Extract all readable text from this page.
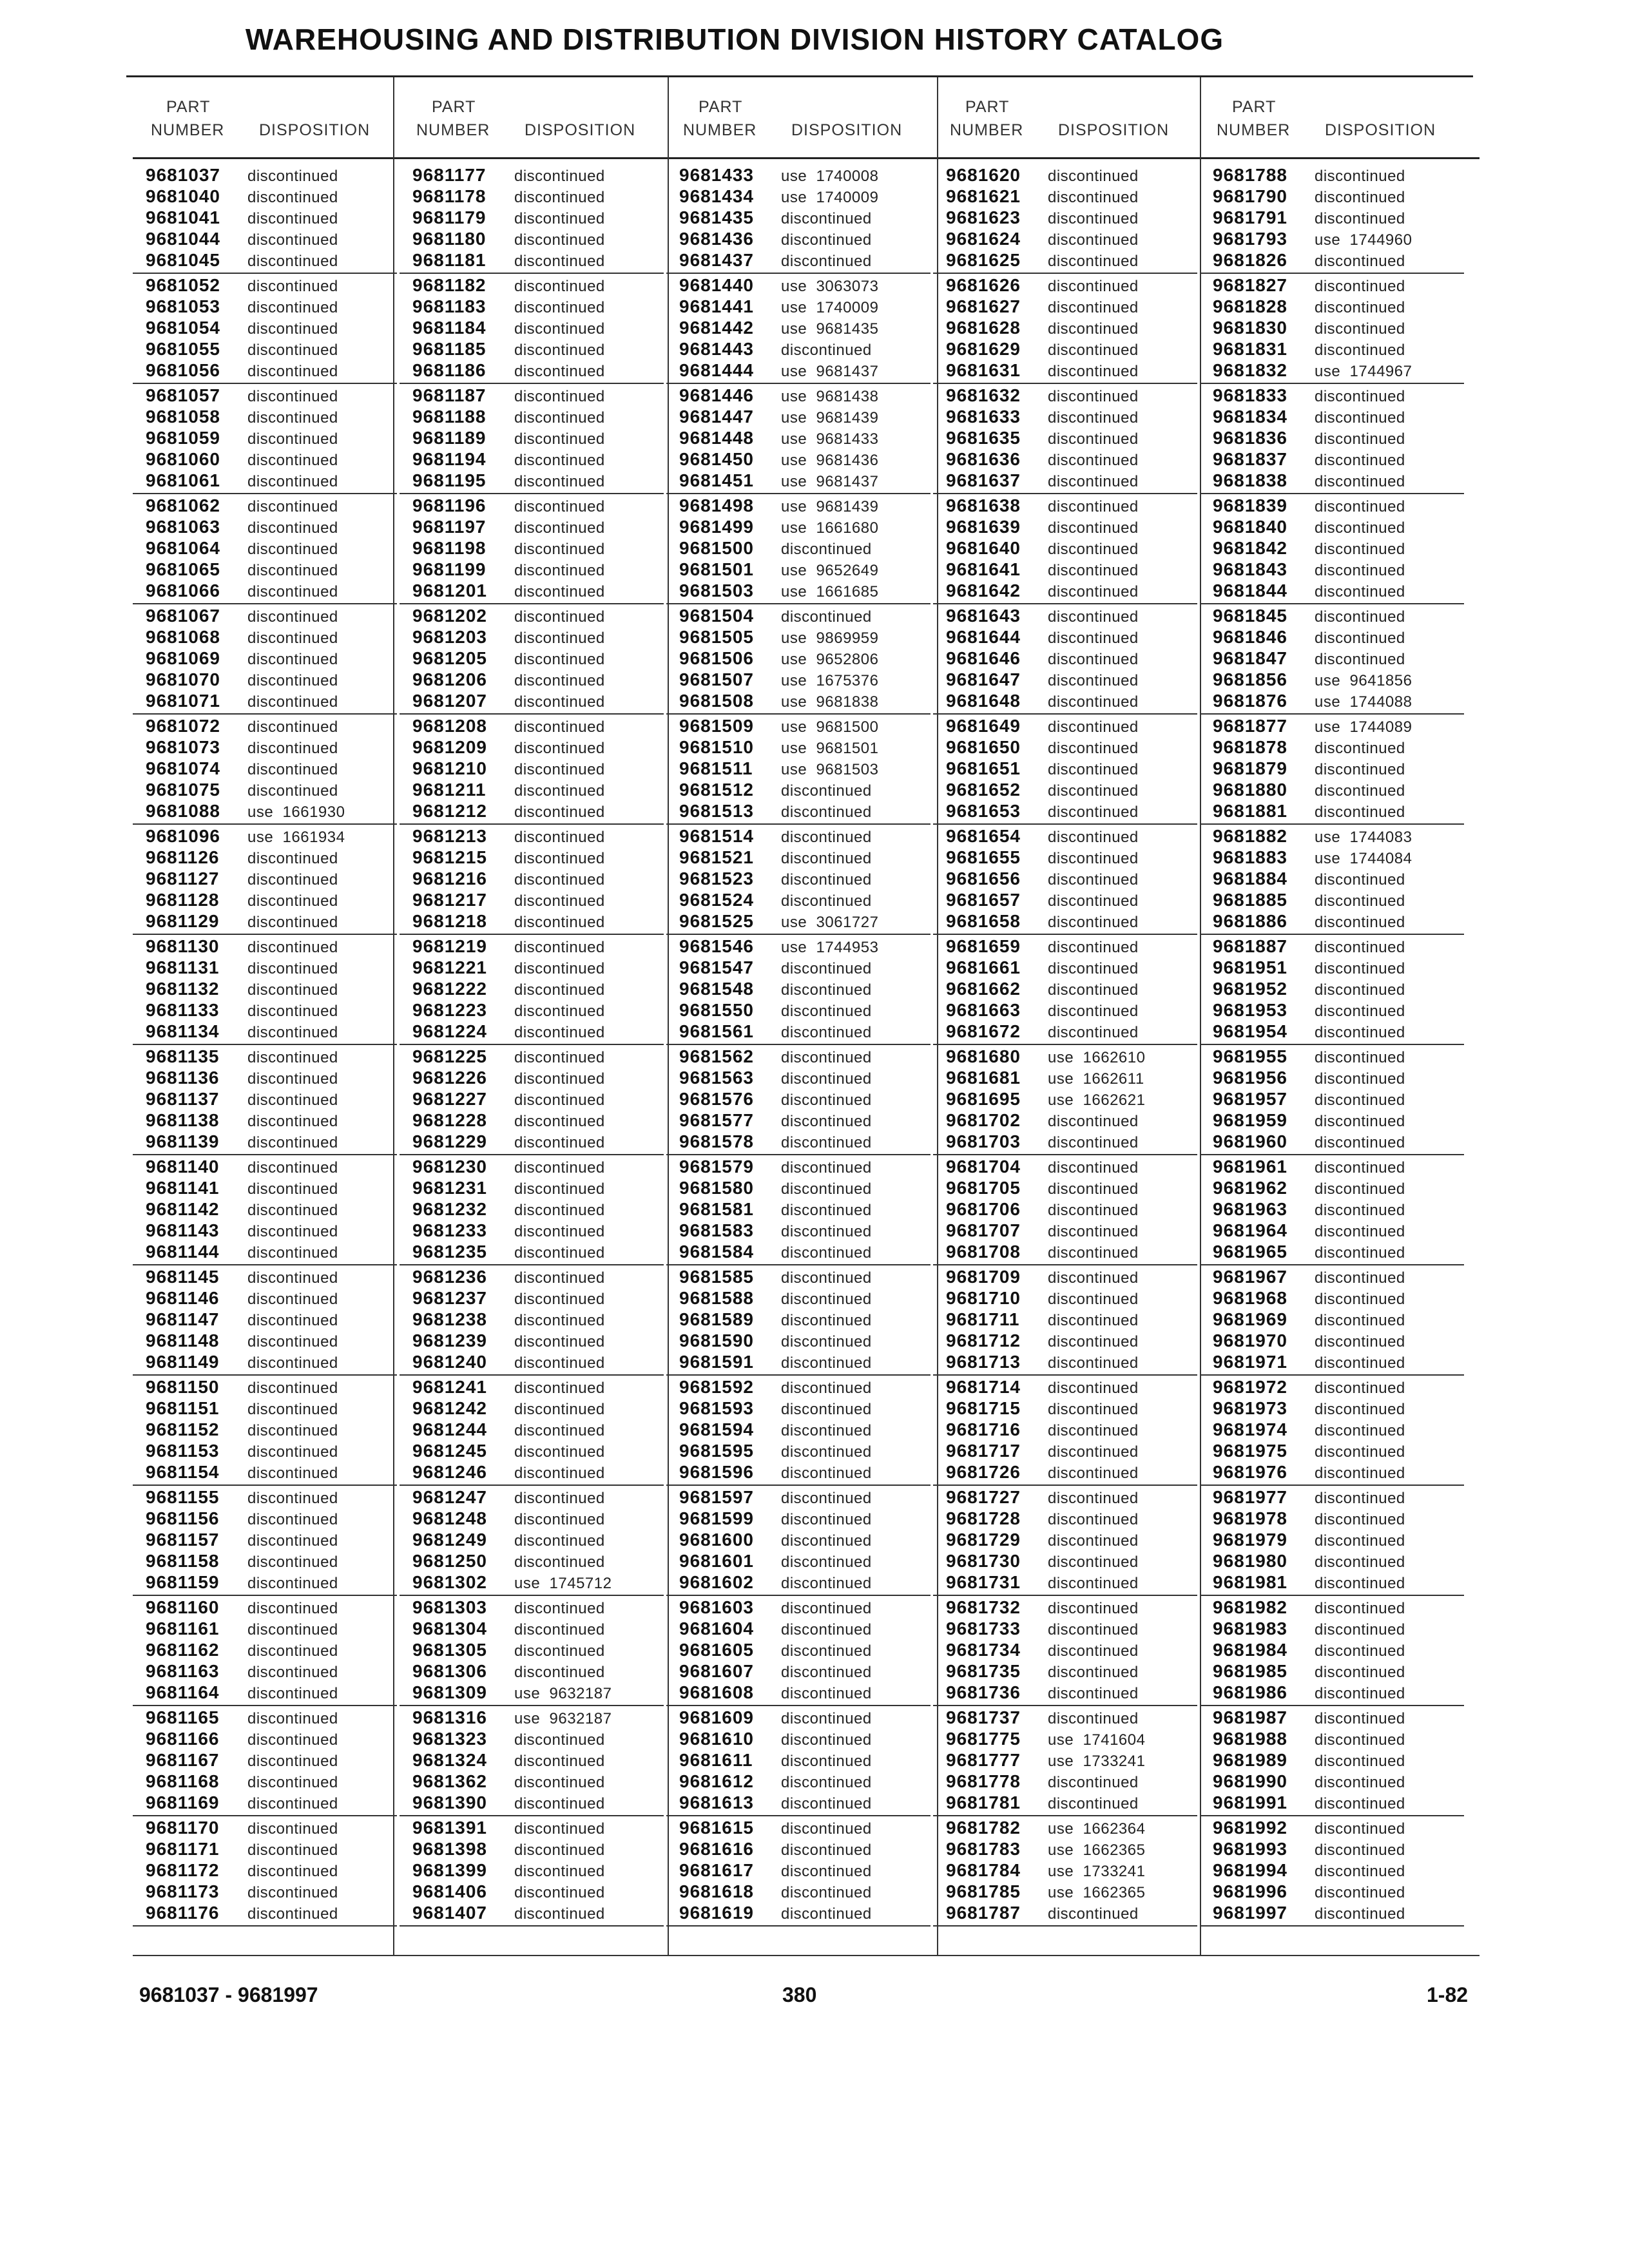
WAREHOUSING AND DISTRIBUTION DIVISION HISTORY CATALOG
PART
NUMBER DISPOSITION
PART
NUMBER DISPOSITION
PART
NUMBER DISPOSITION
PART
NUMBER DISPOSITION
PART
NUMBER DISPOSITION
9681037 discontinued
9681040 discontinued
9681041 discontinued
9681044 discontinued
9681045 discontinued
9681052 discontinued
9681053 discontinued
9681054 discontinued
9681055 discontinued
9681056 discontinued
9681057 discontinued
9681058 discontinued
9681059 discontinued
9681060 discontinued
9681061 discontinued
9681062 discontinued
9681063 discontinued
9681064 discontinued
9681065 discontinued
9681066 discontinued
9681067 discontinued
9681068 discontinued
9681069 discontinued
9681070 discontinued
9681071 discontinued
9681072 discontinued
9681073 discontinued
9681074 discontinued
9681075 discontinued
9681088 use  1661930
9681096 use  1661934
9681126 discontinued
9681127 discontinued
9681128 discontinued
9681129 discontinued
9681130 discontinued
9681131 discontinued
9681132 discontinued
9681133 discontinued
9681134 discontinued
9681135 discontinued
9681136 discontinued
9681137 discontinued
9681138 discontinued
9681139 discontinued
9681140 discontinued
9681141 discontinued
9681142 discontinued
9681143 discontinued
9681144 discontinued
9681145 discontinued
9681146 discontinued
9681147 discontinued
9681148 discontinued
9681149 discontinued
9681150 discontinued
9681151 discontinued
9681152 discontinued
9681153 discontinued
9681154 discontinued
9681155 discontinued
9681156 discontinued
9681157 discontinued
9681158 discontinued
9681159 discontinued
9681160 discontinued
9681161 discontinued
9681162 discontinued
9681163 discontinued
9681164 discontinued
9681165 discontinued
9681166 discontinued
9681167 discontinued
9681168 discontinued
9681169 discontinued
9681170 discontinued
9681171 discontinued
9681172 discontinued
9681173 discontinued
9681176 discontinued
9681177 discontinued
9681178 discontinued
9681179 discontinued
9681180 discontinued
9681181 discontinued
9681182 discontinued
9681183 discontinued
9681184 discontinued
9681185 discontinued
9681186 discontinued
9681187 discontinued
9681188 discontinued
9681189 discontinued
9681194 discontinued
9681195 discontinued
9681196 discontinued
9681197 discontinued
9681198 discontinued
9681199 discontinued
9681201 discontinued
9681202 discontinued
9681203 discontinued
9681205 discontinued
9681206 discontinued
9681207 discontinued
9681208 discontinued
9681209 discontinued
9681210 discontinued
9681211 discontinued
9681212 discontinued
9681213 discontinued
9681215 discontinued
9681216 discontinued
9681217 discontinued
9681218 discontinued
9681219 discontinued
9681221 discontinued
9681222 discontinued
9681223 discontinued
9681224 discontinued
9681225 discontinued
9681226 discontinued
9681227 discontinued
9681228 discontinued
9681229 discontinued
9681230 discontinued
9681231 discontinued
9681232 discontinued
9681233 discontinued
9681235 discontinued
9681236 discontinued
9681237 discontinued
9681238 discontinued
9681239 discontinued
9681240 discontinued
9681241 discontinued
9681242 discontinued
9681244 discontinued
9681245 discontinued
9681246 discontinued
9681247 discontinued
9681248 discontinued
9681249 discontinued
9681250 discontinued
9681302 use  1745712
9681303 discontinued
9681304 discontinued
9681305 discontinued
9681306 discontinued
9681309 use  9632187
9681316 use  9632187
9681323 discontinued
9681324 discontinued
9681362 discontinued
9681390 discontinued
9681391 discontinued
9681398 discontinued
9681399 discontinued
9681406 discontinued
9681407 discontinued
9681433 use  1740008
9681434 use  1740009
9681435 discontinued
9681436 discontinued
9681437 discontinued
9681440 use  3063073
9681441 use  1740009
9681442 use  9681435
9681443 discontinued
9681444 use  9681437
9681446 use  9681438
9681447 use  9681439
9681448 use  9681433
9681450 use  9681436
9681451 use  9681437
9681498 use  9681439
9681499 use  1661680
9681500 discontinued
9681501 use  9652649
9681503 use  1661685
9681504 discontinued
9681505 use  9869959
9681506 use  9652806
9681507 use  1675376
9681508 use  9681838
9681509 use  9681500
9681510 use  9681501
9681511 use  9681503
9681512 discontinued
9681513 discontinued
9681514 discontinued
9681521 discontinued
9681523 discontinued
9681524 discontinued
9681525 use  3061727
9681546 use  1744953
9681547 discontinued
9681548 discontinued
9681550 discontinued
9681561 discontinued
9681562 discontinued
9681563 discontinued
9681576 discontinued
9681577 discontinued
9681578 discontinued
9681579 discontinued
9681580 discontinued
9681581 discontinued
9681583 discontinued
9681584 discontinued
9681585 discontinued
9681588 discontinued
9681589 discontinued
9681590 discontinued
9681591 discontinued
9681592 discontinued
9681593 discontinued
9681594 discontinued
9681595 discontinued
9681596 discontinued
9681597 discontinued
9681599 discontinued
9681600 discontinued
9681601 discontinued
9681602 discontinued
9681603 discontinued
9681604 discontinued
9681605 discontinued
9681607 discontinued
9681608 discontinued
9681609 discontinued
9681610 discontinued
9681611 discontinued
9681612 discontinued
9681613 discontinued
9681615 discontinued
9681616 discontinued
9681617 discontinued
9681618 discontinued
9681619 discontinued
9681620 discontinued
9681621 discontinued
9681623 discontinued
9681624 discontinued
9681625 discontinued
9681626 discontinued
9681627 discontinued
9681628 discontinued
9681629 discontinued
9681631 discontinued
9681632 discontinued
9681633 discontinued
9681635 discontinued
9681636 discontinued
9681637 discontinued
9681638 discontinued
9681639 discontinued
9681640 discontinued
9681641 discontinued
9681642 discontinued
9681643 discontinued
9681644 discontinued
9681646 discontinued
9681647 discontinued
9681648 discontinued
9681649 discontinued
9681650 discontinued
9681651 discontinued
9681652 discontinued
9681653 discontinued
9681654 discontinued
9681655 discontinued
9681656 discontinued
9681657 discontinued
9681658 discontinued
9681659 discontinued
9681661 discontinued
9681662 discontinued
9681663 discontinued
9681672 discontinued
9681680 use  1662610
9681681 use  1662611
9681695 use  1662621
9681702 discontinued
9681703 discontinued
9681704 discontinued
9681705 discontinued
9681706 discontinued
9681707 discontinued
9681708 discontinued
9681709 discontinued
9681710 discontinued
9681711 discontinued
9681712 discontinued
9681713 discontinued
9681714 discontinued
9681715 discontinued
9681716 discontinued
9681717 discontinued
9681726 discontinued
9681727 discontinued
9681728 discontinued
9681729 discontinued
9681730 discontinued
9681731 discontinued
9681732 discontinued
9681733 discontinued
9681734 discontinued
9681735 discontinued
9681736 discontinued
9681737 discontinued
9681775 use  1741604
9681777 use  1733241
9681778 discontinued
9681781 discontinued
9681782 use  1662364
9681783 use  1662365
9681784 use  1733241
9681785 use  1662365
9681787 discontinued
9681788 discontinued
9681790 discontinued
9681791 discontinued
9681793 use  1744960
9681826 discontinued
9681827 discontinued
9681828 discontinued
9681830 discontinued
9681831 discontinued
9681832 use  1744967
9681833 discontinued
9681834 discontinued
9681836 discontinued
9681837 discontinued
9681838 discontinued
9681839 discontinued
9681840 discontinued
9681842 discontinued
9681843 discontinued
9681844 discontinued
9681845 discontinued
9681846 discontinued
9681847 discontinued
9681856 use  9641856
9681876 use  1744088
9681877 use  1744089
9681878 discontinued
9681879 discontinued
9681880 discontinued
9681881 discontinued
9681882 use  1744083
9681883 use  1744084
9681884 discontinued
9681885 discontinued
9681886 discontinued
9681887 discontinued
9681951 discontinued
9681952 discontinued
9681953 discontinued
9681954 discontinued
9681955 discontinued
9681956 discontinued
9681957 discontinued
9681959 discontinued
9681960 discontinued
9681961 discontinued
9681962 discontinued
9681963 discontinued
9681964 discontinued
9681965 discontinued
9681967 discontinued
9681968 discontinued
9681969 discontinued
9681970 discontinued
9681971 discontinued
9681972 discontinued
9681973 discontinued
9681974 discontinued
9681975 discontinued
9681976 discontinued
9681977 discontinued
9681978 discontinued
9681979 discontinued
9681980 discontinued
9681981 discontinued
9681982 discontinued
9681983 discontinued
9681984 discontinued
9681985 discontinued
9681986 discontinued
9681987 discontinued
9681988 discontinued
9681989 discontinued
9681990 discontinued
9681991 discontinued
9681992 discontinued
9681993 discontinued
9681994 discontinued
9681996 discontinued
9681997 discontinued
9681037 - 9681997	380	1-82
